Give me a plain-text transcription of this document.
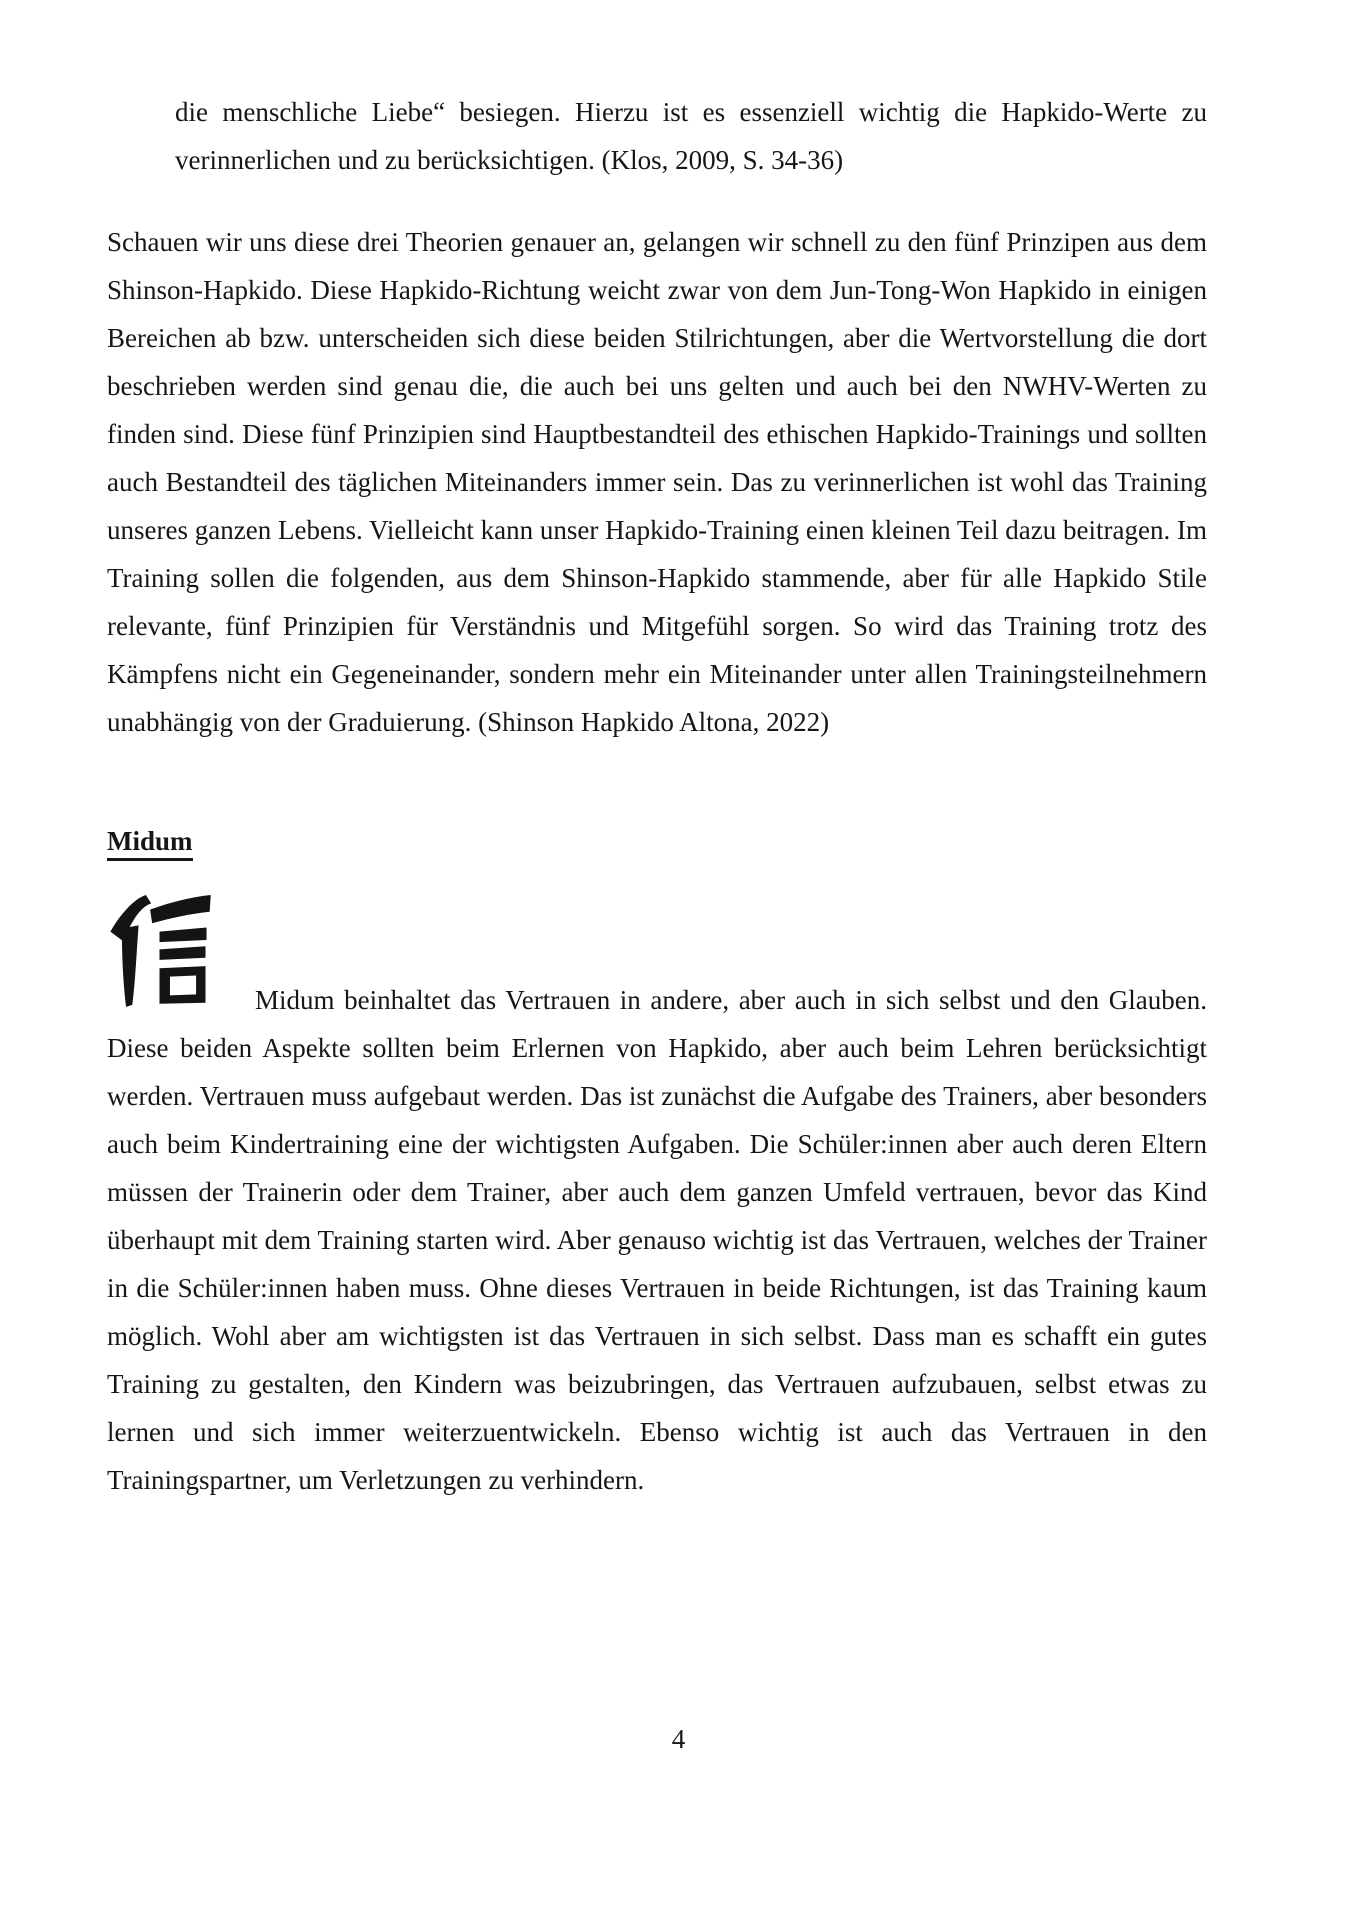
die menschliche Liebe“ besiegen. Hierzu ist es essenziell wichtig die Hapkido-Werte zu verinnerlichen und zu berücksichtigen. (Klos, 2009, S. 34-36)

Schauen wir uns diese drei Theorien genauer an, gelangen wir schnell zu den fünf Prinzipen aus dem Shinson-Hapkido. Diese Hapkido-Richtung weicht zwar von dem Jun-Tong-Won Hapkido in einigen Bereichen ab bzw. unterscheiden sich diese beiden Stilrichtungen, aber die Wertvorstellung die dort beschrieben werden sind genau die, die auch bei uns gelten und auch bei den NWHV-Werten zu finden sind. Diese fünf Prinzipien sind Hauptbestandteil des ethischen Hapkido-Trainings und sollten auch Bestandteil des täglichen Miteinanders immer sein. Das zu verinnerlichen ist wohl das Training unseres ganzen Lebens. Vielleicht kann unser Hapkido-Training einen kleinen Teil dazu beitragen. Im Training sollen die folgenden, aus dem Shinson-Hapkido stammende, aber für alle Hapkido Stile relevante, fünf Prinzipien für Verständnis und Mitgefühl sorgen. So wird das Training trotz des Kämpfens nicht ein Gegeneinander, sondern mehr ein Miteinander unter allen Trainingsteilnehmern unabhängig von der Graduierung. (Shinson Hapkido Altona, 2022)

Midum

Midum beinhaltet das Vertrauen in andere, aber auch in sich selbst und den Glauben. Diese beiden Aspekte sollten beim Erlernen von Hapkido, aber auch beim Lehren berücksichtigt werden. Vertrauen muss aufgebaut werden. Das ist zunächst die Aufgabe des Trainers, aber besonders auch beim Kindertraining eine der wichtigsten Aufgaben. Die Schüler:innen aber auch deren Eltern müssen der Trainerin oder dem Trainer, aber auch dem ganzen Umfeld vertrauen, bevor das Kind überhaupt mit dem Training starten wird. Aber genauso wichtig ist das Vertrauen, welches der Trainer in die Schüler:innen haben muss. Ohne dieses Vertrauen in beide Richtungen, ist das Training kaum möglich. Wohl aber am wichtigsten ist das Vertrauen in sich selbst. Dass man es schafft ein gutes Training zu gestalten, den Kindern was beizubringen, das Vertrauen aufzubauen, selbst etwas zu lernen und sich immer weiterzuentwickeln. Ebenso wichtig ist auch das Vertrauen in den Trainingspartner, um Verletzungen zu verhindern.

4
